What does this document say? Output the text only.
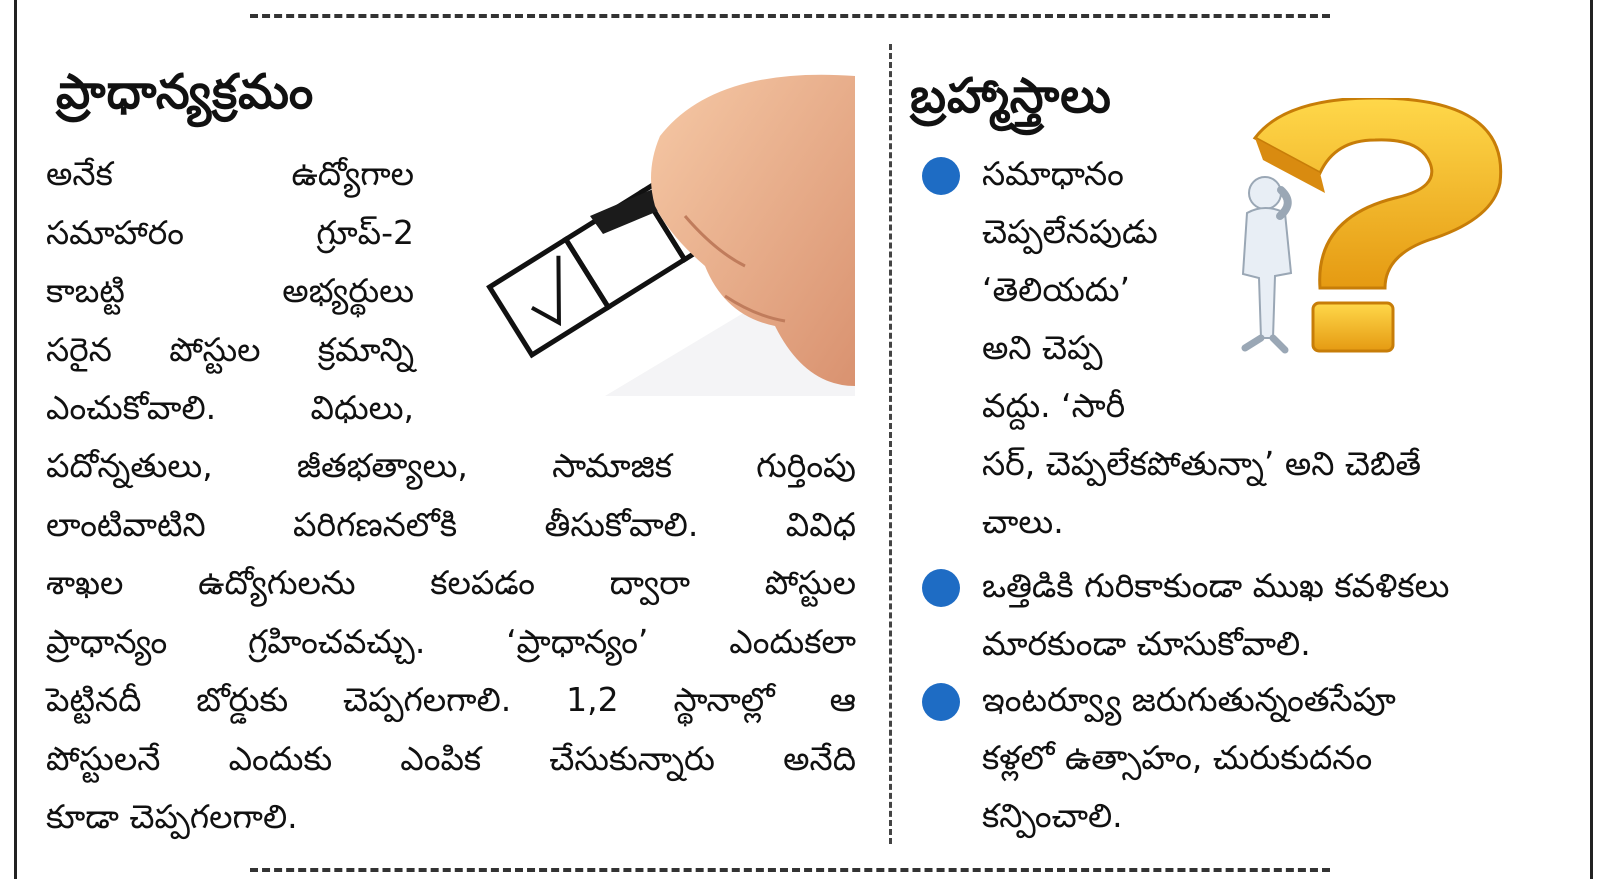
ప్రాధాన్యక్రమం
అనేక ఉద్యోగాల
సమాహారం గ్రూప్‌-2
కాబట్టి అభ్యర్థులు
సరైన పోస్టుల క్రమాన్ని
ఎంచుకోవాలి. విధులు,
పదోన్నతులు, జీతభత్యాలు, సామాజిక గుర్తింపు
లాంటివాటిని పరిగణనలోకి తీసుకోవాలి. వివిధ
శాఖల ఉద్యోగులను కలపడం ద్వారా పోస్టుల
ప్రాధాన్యం గ్రహించవచ్చు. ‘ప్రాధాన్యం’ ఎందుకలా
పెట్టినదీ బోర్డుకు చెప్పగలగాలి. 1,2 స్థానాల్లో ఆ
పోస్టులనే ఎందుకు ఎంపిక చేసుకున్నారు అనేది
కూడా చెప్పగలగాలి.
బ్రహ్మాస్త్రాలు
సమాధానం
చెప్పలేనపుడు
‘తెలియదు’
అని చెప్ప
వద్దు. ‘సారీ
సర్‌, చెప్పలేకపోతున్నా’ అని చెబితే
చాలు.
ఒత్తిడికి గురికాకుండా ముఖ కవళికలు
మారకుండా చూసుకోవాలి.
ఇంటర్వ్యూ జరుగుతున్నంతసేపూ
కళ్లలో ఉత్సాహం, చురుకుదనం
కన్పించాలి.
